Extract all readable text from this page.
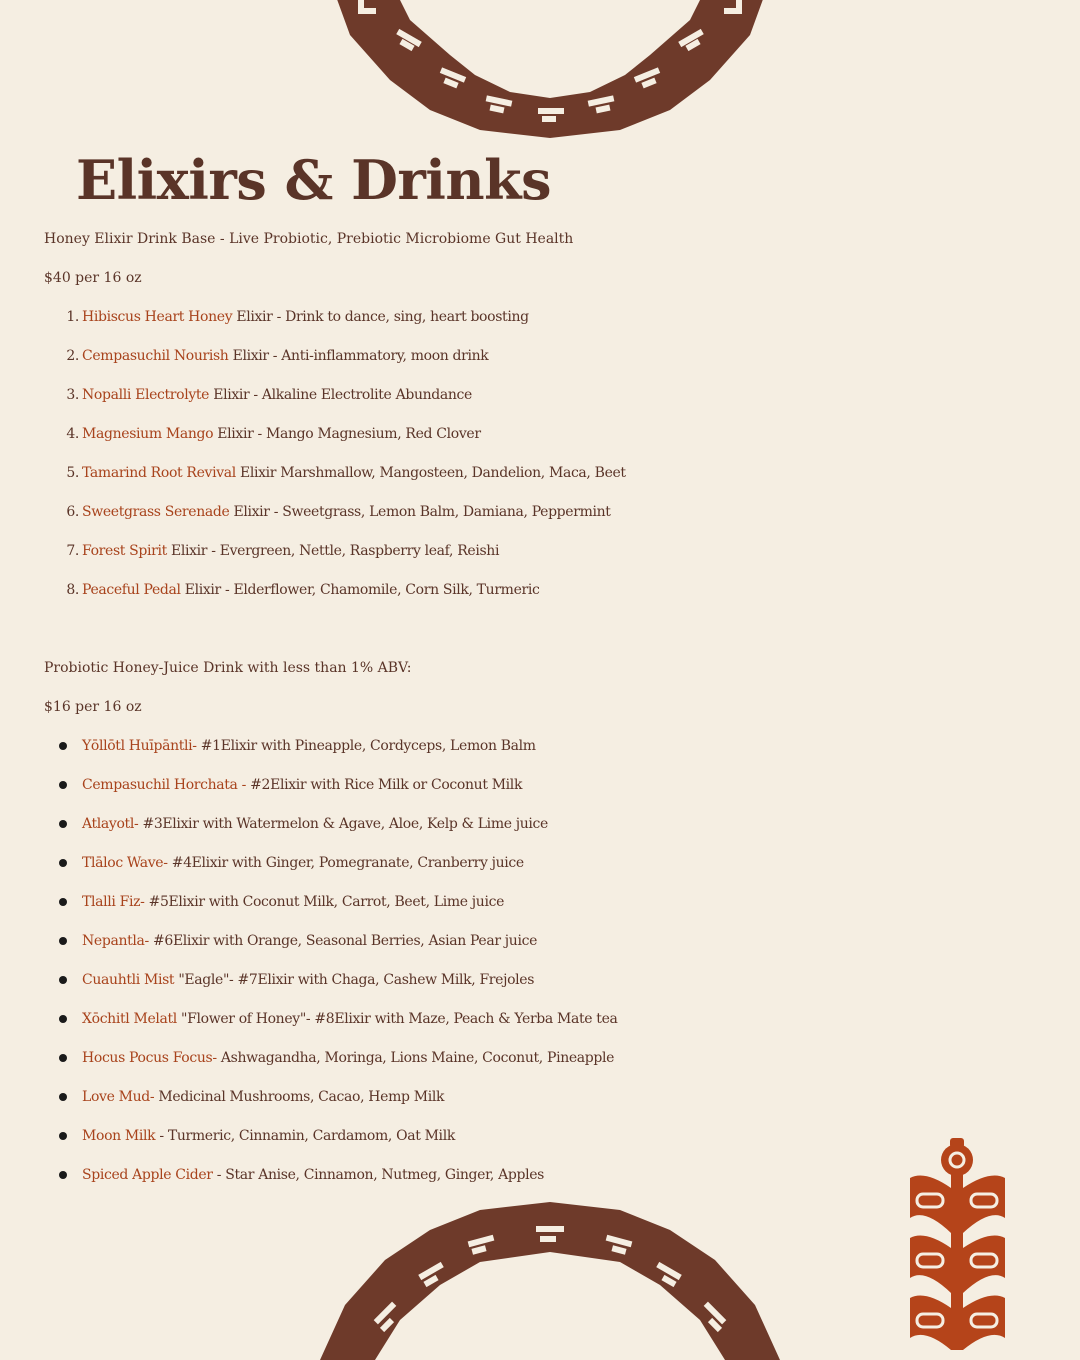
Elixirs & Drinks
Honey Elixir Drink Base - Live Probiotic, Prebiotic Microbiome Gut Health
$40 per 16 oz
1. Hibiscus Heart Honey Elixir - Drink to dance, sing, heart boosting
2. Cempasuchil Nourish Elixir - Anti-inflammatory, moon drink
3. Nopalli Electrolyte Elixir - Alkaline Electrolite Abundance
4. Magnesium Mango Elixir - Mango Magnesium, Red Clover
5. Tamarind Root Revival Elixir Marshmallow, Mangosteen, Dandelion, Maca, Beet
6. Sweetgrass Serenade Elixir - Sweetgrass, Lemon Balm, Damiana, Peppermint
7. Forest Spirit Elixir - Evergreen, Nettle, Raspberry leaf, Reishi
8. Peaceful Pedal Elixir - Elderflower, Chamomile, Corn Silk, Turmeric
Probiotic Honey-Juice Drink with less than 1% ABV:
$16 per 16 oz
Yōllōtl Huīpāntli- #1Elixir with Pineapple, Cordyceps, Lemon Balm
Cempasuchil Horchata - #2Elixir with Rice Milk or Coconut Milk
Atlayotl- #3Elixir with Watermelon & Agave, Aloe, Kelp & Lime juice
Tlāloc Wave- #4Elixir with Ginger, Pomegranate, Cranberry juice
Tlalli Fiz- #5Elixir with Coconut Milk, Carrot, Beet, Lime juice
Nepantla- #6Elixir with Orange, Seasonal Berries, Asian Pear juice
Cuauhtli Mist "Eagle"- #7Elixir with Chaga, Cashew Milk, Frejoles
Xōchitl Melatl "Flower of Honey"- #8Elixir with Maze, Peach & Yerba Mate tea
Hocus Pocus Focus- Ashwagandha, Moringa, Lions Maine, Coconut, Pineapple
Love Mud- Medicinal Mushrooms, Cacao, Hemp Milk
Moon Milk - Turmeric, Cinnamin, Cardamom, Oat Milk
Spiced Apple Cider - Star Anise, Cinnamon, Nutmeg, Ginger, Apples
